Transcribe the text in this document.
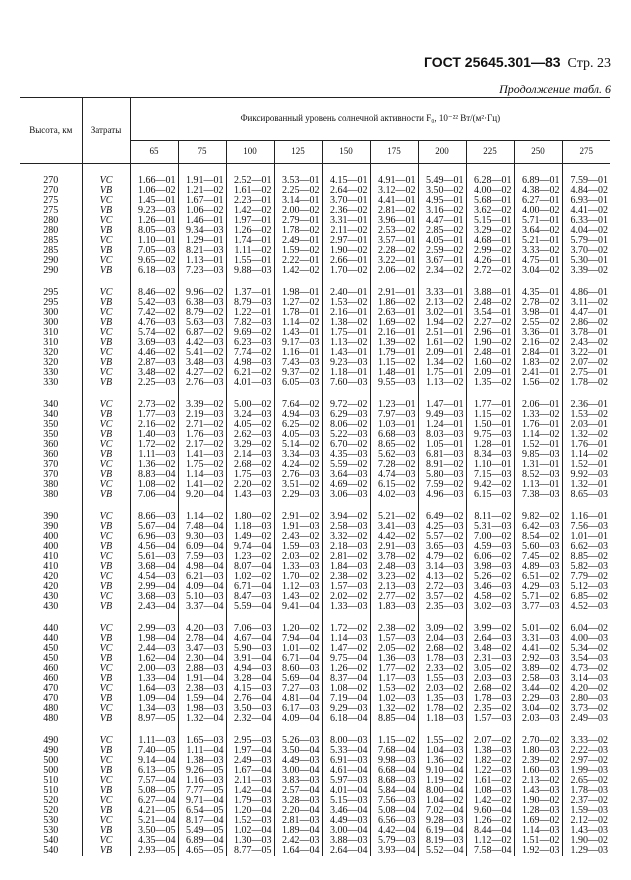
ГОСТ 25645.301—83 Стр. 23
Продолжение табл. 6
Высота, км	Затраты	Фиксированный уровень солнечной активности F₀, 10⁻²² Вт/(м²·Гц)									
		65	75	100	125	150	175	200	225	250	275

270	VC	1.66—01	1.91—01	2.52—01	3.53—01	4.15—01	4.91—01	5.49—01	6.28—01	6.89—01	7.59—01
270	VB	1.06—02	1.21—02	1.61—02	2.25—02	2.64—02	3.12—02	3.50—02	4.00—02	4.38—02	4.84—02
275	VC	1.45—01	1.67—01	2.23—01	3.14—01	3.70—01	4.41—01	4.95—01	5.68—01	6.27—01	6.93—01
275	VB	9.23—03	1.06—02	1.42—02	2.00—02	2.36—02	2.81—02	3.16—02	3.62—02	4.00—02	4.41—02
280	VC	1.26—01	1.46—01	1.97—01	2.79—01	3.31—01	3.96—01	4.47—01	5.15—01	5.71—01	6.33—01
280	VB	8.05—03	9.34—03	1.26—02	1.78—02	2.11—02	2.53—02	2.85—02	3.29—02	3.64—02	4.04—02
285	VC	1.10—01	1.29—01	1.74—01	2.49—01	2.97—01	3.57—01	4.05—01	4.68—01	5.21—01	5.79—01
285	VB	7.05—03	8.21—03	1.11—02	1.59—02	1.90—02	2.28—02	2.59—02	2.99—02	3.33—02	3.70—02
290	VC	9.65—02	1.13—01	1.55—01	2.22—01	2.66—01	3.22—01	3.67—01	4.26—01	4.75—01	5.30—01
290	VB	6.18—03	7.23—03	9.88—03	1.42—02	1.70—02	2.06—02	2.34—02	2.72—02	3.04—02	3.39—02

295	VC	8.46—02	9.96—02	1.37—01	1.98—01	2.40—01	2.91—01	3.33—01	3.88—01	4.35—01	4.86—01
295	VB	5.42—03	6.38—03	8.79—03	1.27—02	1.53—02	1.86—02	2.13—02	2.48—02	2.78—02	3.11—02
300	VC	7.42—02	8.79—02	1.22—01	1.78—01	2.16—01	2.63—01	3.02—01	3.54—01	3.98—01	4.47—01
300	VB	4.76—03	5.63—03	7.82—03	1.14—02	1.38—02	1.69—02	1.94—02	2.27—02	2.55—02	2.86—02
310	VC	5.74—02	6.87—02	9.69—02	1.43—01	1.75—01	2.16—01	2.51—01	2.96—01	3.36—01	3.78—01
310	VB	3.69—03	4.42—03	6.23—03	9.17—03	1.13—02	1.39—02	1.61—02	1.90—02	2.16—02	2.43—02
320	VC	4.46—02	5.41—02	7.74—02	1.16—01	1.43—01	1.79—01	2.09—01	2.48—01	2.84—01	3.22—01
320	VB	2.87—03	3.48—03	4.98—03	7.43—03	9.23—03	1.15—02	1.34—02	1.60—02	1.83—02	2.07—02
330	VC	3.48—02	4.27—02	6.21—02	9.37—02	1.18—01	1.48—01	1.75—01	2.09—01	2.41—01	2.75—01
330	VB	2.25—03	2.76—03	4.01—03	6.05—03	7.60—03	9.55—03	1.13—02	1.35—02	1.56—02	1.78—02

340	VC	2.73—02	3.39—02	5.00—02	7.64—02	9.72—02	1.23—01	1.47—01	1.77—01	2.06—01	2.36—01
340	VB	1.77—03	2.19—03	3.24—03	4.94—03	6.29—03	7.97—03	9.49—03	1.15—02	1.33—02	1.53—02
350	VC	2.16—02	2.71—02	4.05—02	6.25—02	8.06—02	1.03—01	1.24—01	1.50—01	1.76—01	2.03—01
350	VB	1.40—03	1.76—03	2.62—03	4.05—03	5.22—03	6.68—03	8.03—03	9.75—03	1.14—02	1.32—02
360	VC	1.72—02	2.17—02	3.29—02	5.14—02	6.70—02	8.65—02	1.05—01	1.28—01	1.52—01	1.76—01
360	VB	1.11—03	1.41—03	2.14—03	3.34—03	4.35—03	5.62—03	6.81—03	8.34—03	9.85—03	1.14—02
370	VC	1.36—02	1.75—02	2.68—02	4.24—02	5.59—02	7.28—02	8.91—02	1.10—01	1.31—01	1.52—01
370	VB	8.83—04	1.14—03	1.75—03	2.76—03	3.64—03	4.74—03	5.80—03	7.15—03	8.52—03	9.92—03
380	VC	1.08—02	1.41—02	2.20—02	3.51—02	4.69—02	6.15—02	7.59—02	9.42—02	1.13—01	1.32—01
380	VB	7.06—04	9.20—04	1.43—03	2.29—03	3.06—03	4.02—03	4.96—03	6.15—03	7.38—03	8.65—03

390	VC	8.66—03	1.14—02	1.80—02	2.91—02	3.94—02	5.21—02	6.49—02	8.11—02	9.82—02	1.16—01
390	VB	5.67—04	7.48—04	1.18—03	1.91—03	2.58—03	3.41—03	4.25—03	5.31—03	6.42—03	7.56—03
400	VC	6.96—03	9.30—03	1.49—02	2.43—02	3.32—02	4.42—02	5.57—02	7.00—02	8.54—02	1.01—01
400	VB	4.56—04	6.09—04	9.74—04	1.59—03	2.18—03	2.91—03	3.65—03	4.59—03	5.60—03	6.62—03
410	VC	5.61—03	7.59—03	1.23—02	2.03—02	2.81—02	3.78—02	4.79—02	6.06—02	7.45—02	8.85—02
410	VB	3.68—04	4.98—04	8.07—04	1.33—03	1.84—03	2.48—03	3.14—03	3.98—03	4.89—03	5.82—03
420	VC	4.54—03	6.21—03	1.02—02	1.70—02	2.38—02	3.23—02	4.13—02	5.26—02	6.51—02	7.79—02
420	VB	2.99—04	4.09—04	6.71—04	1.12—03	1.57—03	2.13—03	2.72—03	3.46—03	4.29—03	5.12—03
430	VC	3.68—03	5.10—03	8.47—03	1.43—02	2.02—02	2.77—02	3.57—02	4.58—02	5.71—02	6.85—02
430	VB	2.43—04	3.37—04	5.59—04	9.41—04	1.33—03	1.83—03	2.35—03	3.02—03	3.77—03	4.52—03

440	VC	2.99—03	4.20—03	7.06—03	1.20—02	1.72—02	2.38—02	3.09—02	3.99—02	5.01—02	6.04—02
440	VB	1.98—04	2.78—04	4.67—04	7.94—04	1.14—03	1.57—03	2.04—03	2.64—03	3.31—03	4.00—03
450	VC	2.44—03	3.47—03	5.90—03	1.01—02	1.47—02	2.05—02	2.68—02	3.48—02	4.41—02	5.34—02
450	VB	1.62—04	2.30—04	3.91—04	6.71—04	9.75—04	1.36—03	1.78—03	2.31—03	2.92—03	3.54—03
460	VC	2.00—03	2.88—03	4.94—03	8.60—03	1.26—02	1.77—02	2.33—02	3.05—02	3.89—02	4.73—02
460	VB	1.33—04	1.91—04	3.28—04	5.69—04	8.37—04	1.17—03	1.55—03	2.03—03	2.58—03	3.14—03
470	VC	1.64—03	2.38—03	4.15—03	7.27—03	1.08—02	1.53—02	2.03—02	2.68—02	3.44—02	4.20—02
470	VB	1.09—04	1.59—04	2.76—04	4.81—04	7.19—04	1.02—03	1.35—03	1.78—03	2.29—03	2.80—03
480	VC	1.34—03	1.98—03	3.50—03	6.17—03	9.29—03	1.32—02	1.78—02	2.35—02	3.04—02	3.73—02
480	VB	8.97—05	1.32—04	2.32—04	4.09—04	6.18—04	8.85—04	1.18—03	1.57—03	2.03—03	2.49—03

490	VC	1.11—03	1.65—03	2.95—03	5.26—03	8.00—03	1.15—02	1.55—02	2.07—02	2.70—02	3.33—02
490	VB	7.40—05	1.11—04	1.97—04	3.50—04	5.33—04	7.68—04	1.04—03	1.38—03	1.80—03	2.22—03
500	VC	9.14—04	1.38—03	2.49—03	4.49—03	6.91—03	9.98—03	1.36—02	1.82—02	2.39—02	2.97—02
500	VB	6.13—05	9.26—05	1.67—04	3.00—04	4.61—04	6.68—04	9.10—04	1.22—03	1.60—03	1.99—03
510	VC	7.57—04	1.16—03	2.11—03	3.83—03	5.97—03	8.68—03	1.19—02	1.61—02	2.13—02	2.65—02
510	VB	5.08—05	7.77—05	1.42—04	2.57—04	4.01—04	5.84—04	8.00—04	1.08—03	1.43—03	1.78—03
520	VC	6.27—04	9.71—04	1.79—03	3.28—03	5.15—03	7.56—03	1.04—02	1.42—02	1.90—02	2.37—02
520	VB	4.21—05	6.54—05	1.20—04	2.20—04	3.46—04	5.08—04	7.02—04	9.60—04	1.28—03	1.59—03
530	VC	5.21—04	8.17—04	1.52—03	2.81—03	4.49—03	6.56—03	9.28—03	1.26—02	1.69—02	2.12—02
530	VB	3.50—05	5.49—05	1.02—04	1.89—04	3.00—04	4.42—04	6.19—04	8.44—04	1.14—03	1.43—03
540	VC	4.35—04	6.89—04	1.30—03	2.42—03	3.88—03	5.79—03	8.19—03	1.12—02	1.51—02	1.90—02
540	VB	2.93—05	4.65—05	8.77—05	1.64—04	2.64—04	3.93—04	5.52—04	7.58—04	1.92—03	1.29—03
